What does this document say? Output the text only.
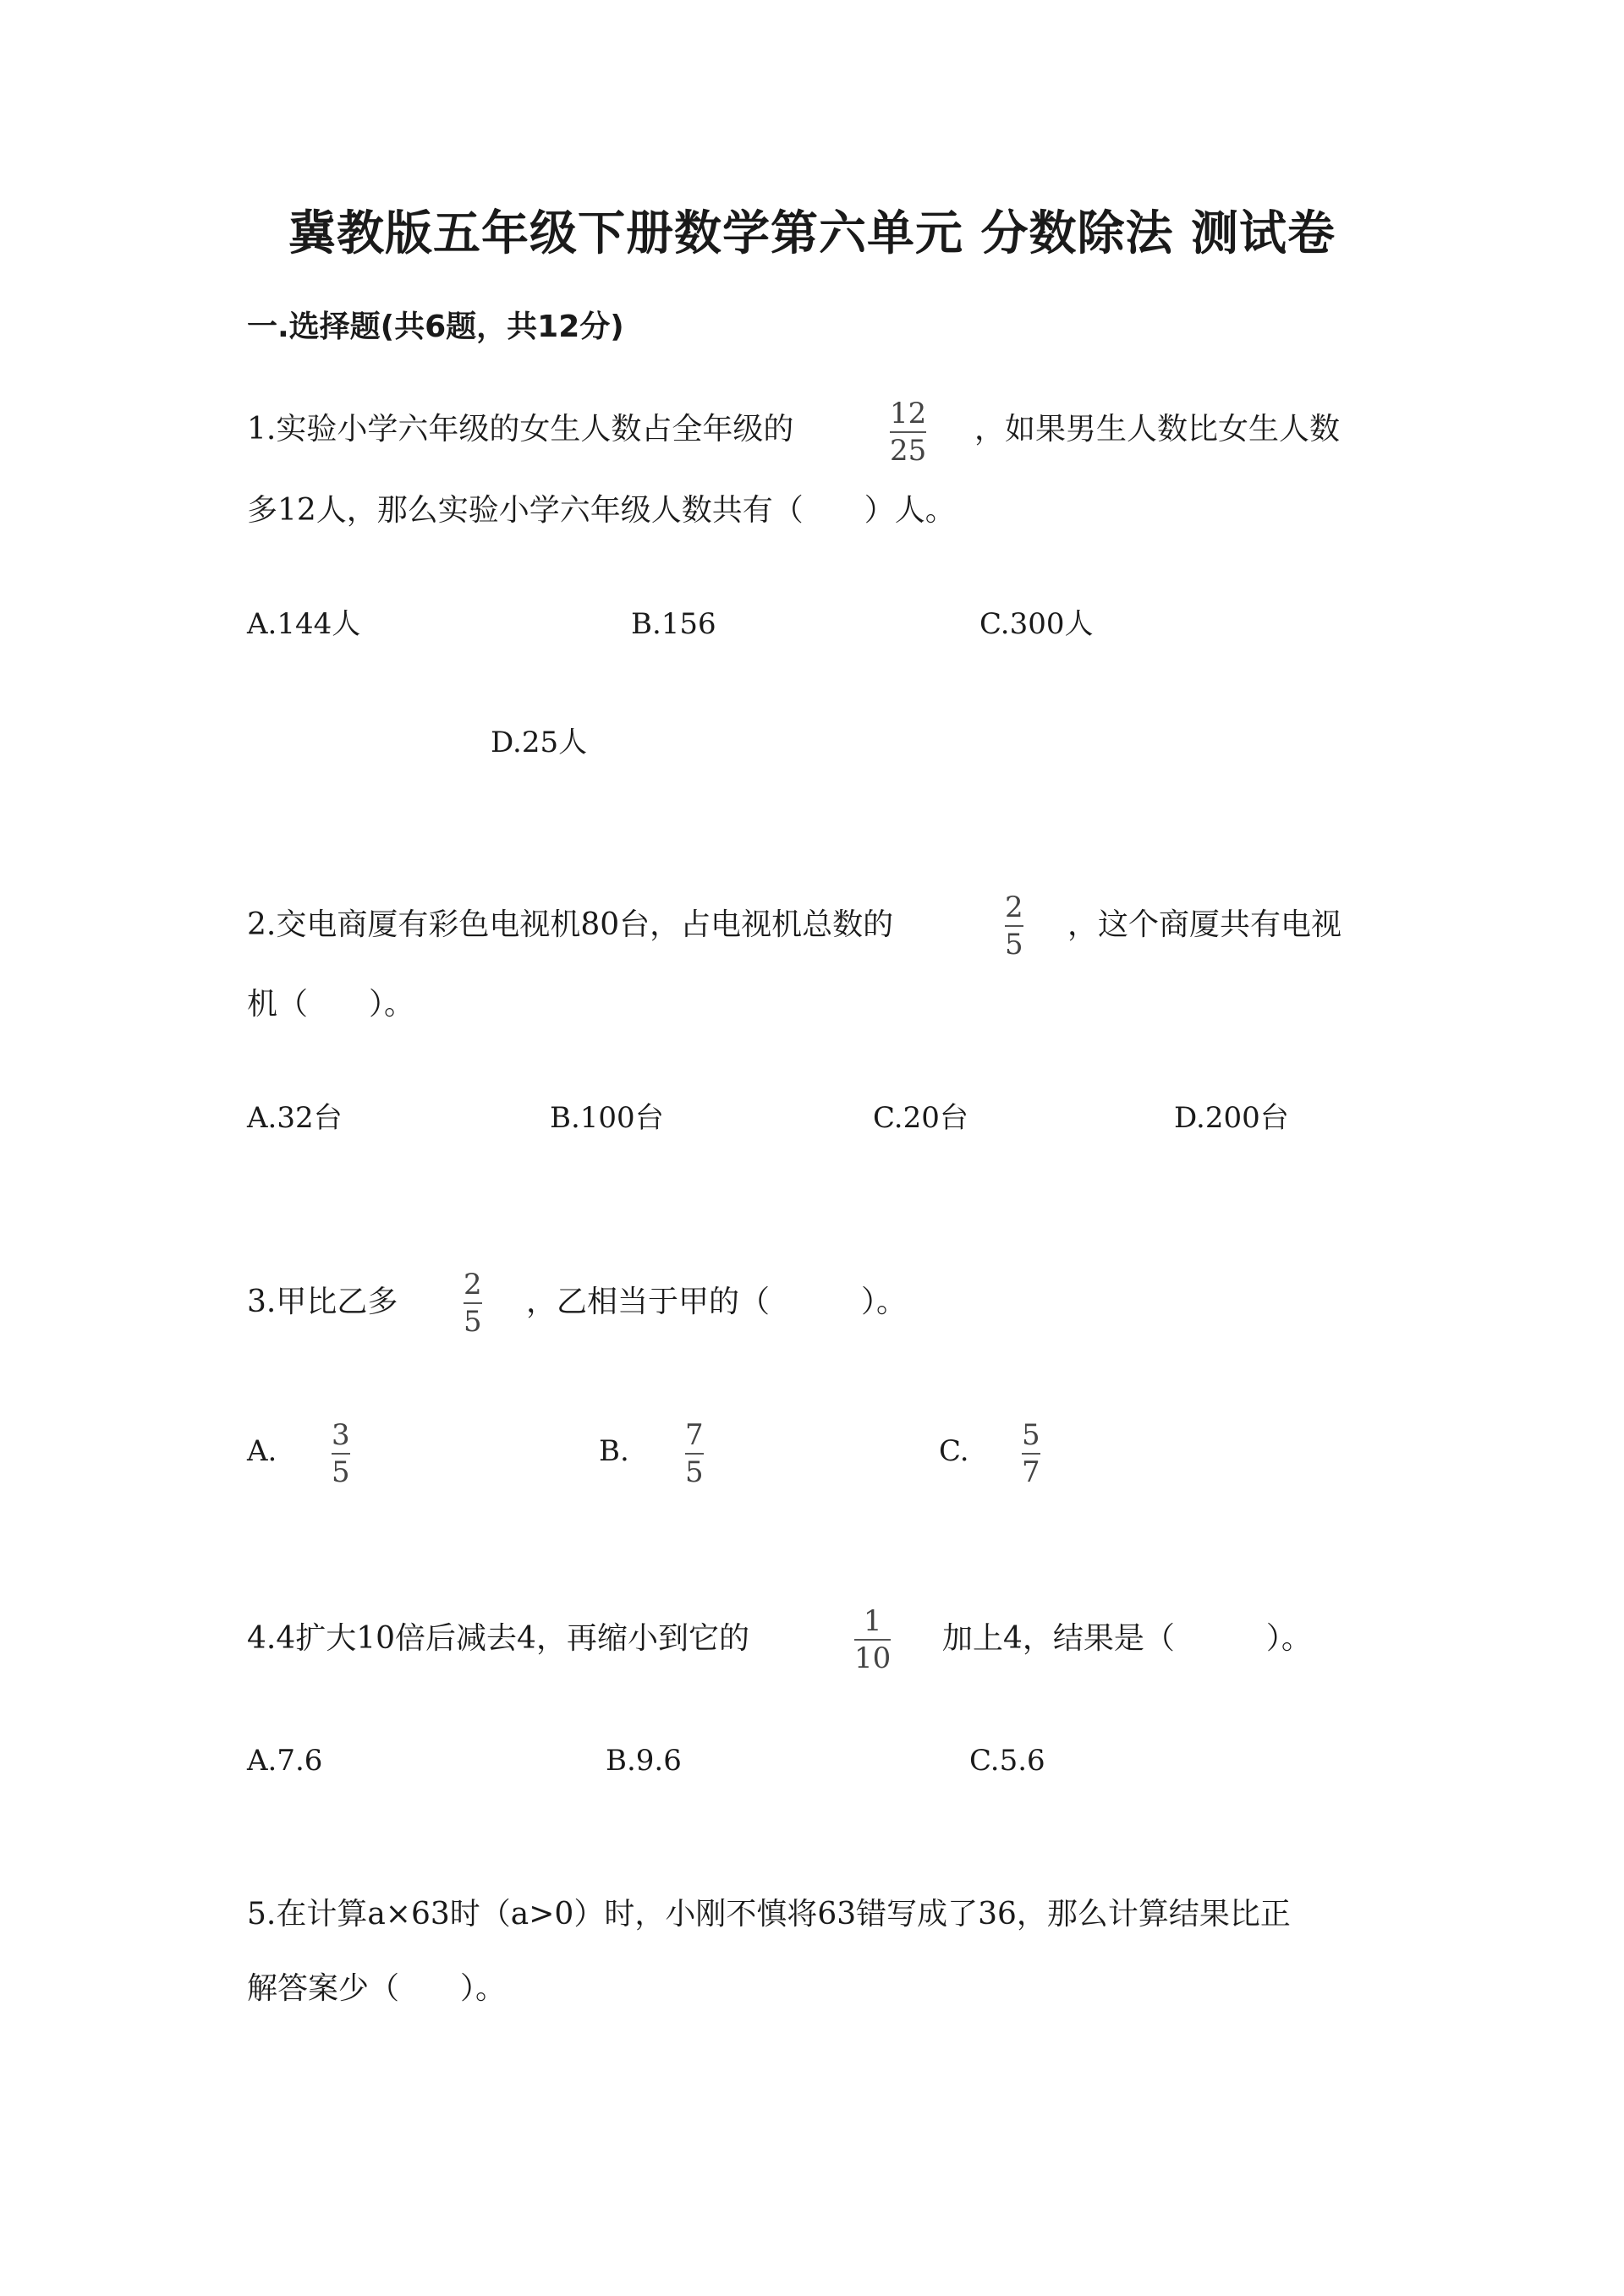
冀教版五年级下册数学第六单元 分数除法 测试卷
一.选择题(共6题，共12分)
1.实验小学六年级的女生人数占全年级的	12
25
，如果男生人数比女生人数
多12人，那么实验小学六年级人数共有（　　）人。
A.144人	B.156	C.300人
D.25人
2.交电商厦有彩色电视机80台，占电视机总数的	2
5
，这个商厦共有电视
机（　　）。
A.32台	B.100台	C.20台	D.200台
3.甲比乙多 2
5
，乙相当于甲的（　　　）。
A. 3
5
B. 7
5
C. 5
7
4.4扩大10倍后减去4，再缩小到它的	1
10
加上4，结果是（　　　）。
A.7.6	B.9.6	C.5.6
5.在计算a×63时（a>0）时，小刚不慎将63错写成了36，那么计算结果比正
解答案少（　　）。
